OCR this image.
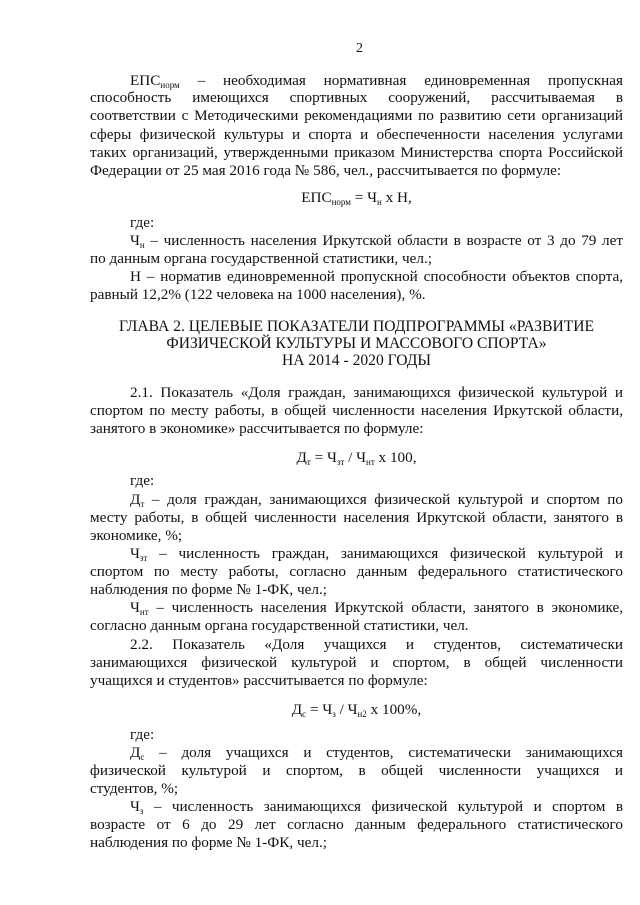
2
$ЕПС_{норм}$ – необходимая нормативная единовременная пропускная
способность имеющихся спортивных сооружений, рассчитываемая в
соответствии с Методическими рекомендациями по развитию сети организаций
сферы физической культуры и спорта и обеспеченности населения услугами
таких организаций, утвержденными приказом Министерства спорта Российской
Федерации от 25 мая 2016 года № 586, чел., рассчитывается по формуле:
$ЕПС_{норм} = Ч_н$ х Н,
где:
$Ч_н$ – численность населения Иркутской области в возрасте от 3 до 79 лет
по данным органа государственной статистики, чел.;
Н – норматив единовременной пропускной способности объектов спорта,
равный 12,2% (122 человека на 1000 населения), %.
ГЛАВА 2. ЦЕЛЕВЫЕ ПОКАЗАТЕЛИ ПОДПРОГРАММЫ «РАЗВИТИЕ
ФИЗИЧЕСКОЙ КУЛЬТУРЫ И МАССОВОГО СПОРТА»
НА 2014 - 2020 ГОДЫ
2.1. Показатель «Доля граждан, занимающихся физической культурой и
спортом по месту работы, в общей численности населения Иркутской области,
занятого в экономике» рассчитывается по формуле:
$Д_т = Ч_{зт} / Ч_{нт}$ х 100,
где:
$Д_т$ – доля граждан, занимающихся физической культурой и спортом по
месту работы, в общей численности населения Иркутской области, занятого в
экономике, %;
$Ч_{зт}$ – численность граждан, занимающихся физической культурой и
спортом по месту работы, согласно данным федерального статистического
наблюдения по форме № 1-ФК, чел.;
$Ч_{нт}$ – численность населения Иркутской области, занятого в экономике,
согласно данным органа государственной статистики, чел.
2.2. Показатель «Доля учащихся и студентов, систематически
занимающихся физической культурой и спортом, в общей численности
учащихся и студентов» рассчитывается по формуле:
$Д_с = Ч_з / Ч_{н2}$ х 100%,
где:
$Д_с$ – доля учащихся и студентов, систематически занимающихся
физической культурой и спортом, в общей численности учащихся и
студентов, %;
$Ч_з$ – численность занимающихся физической культурой и спортом в
возрасте от 6 до 29 лет согласно данным федерального статистического
наблюдения по форме № 1-ФК, чел.;
